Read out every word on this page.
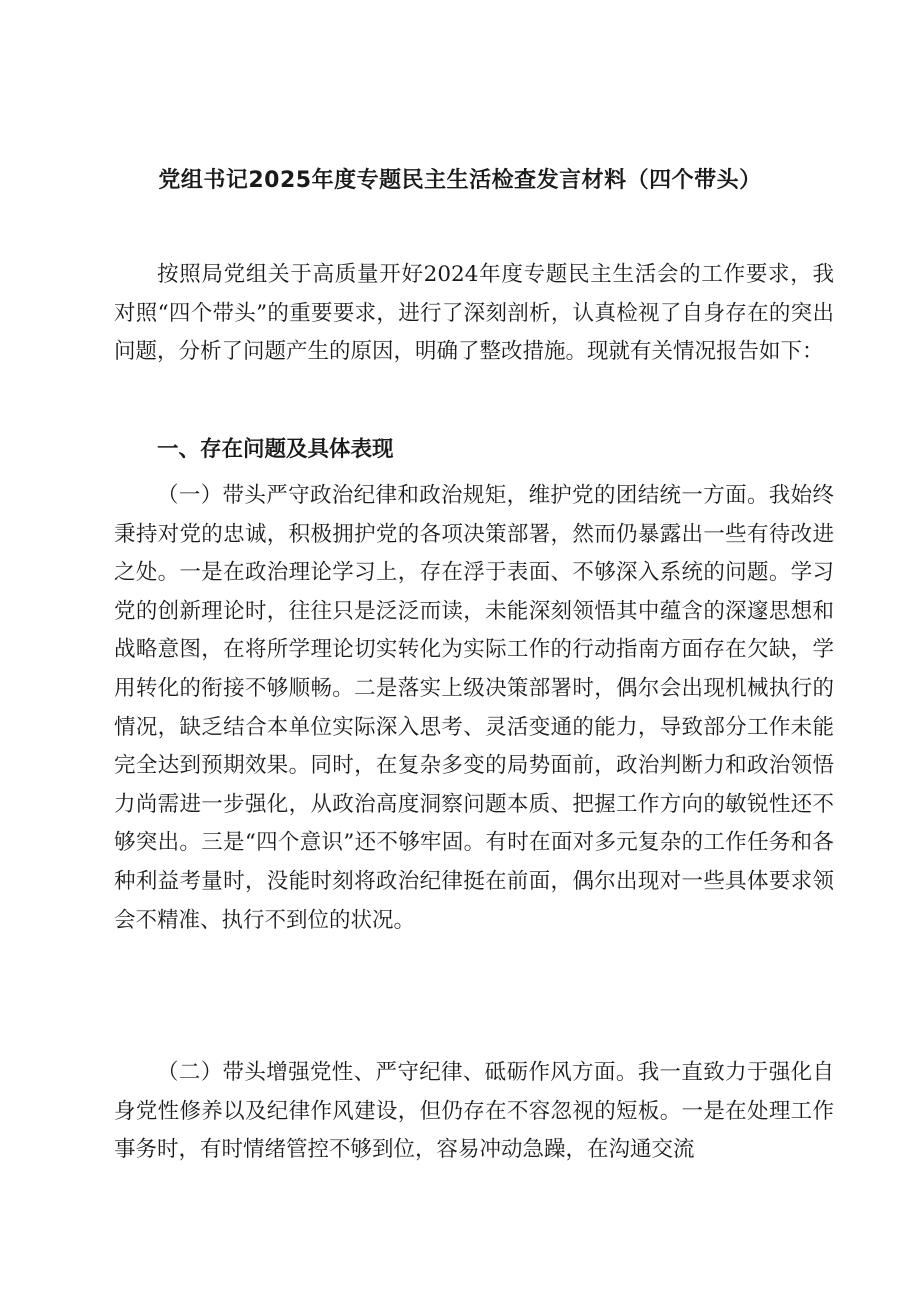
党组书记2025年度专题民主生活检查发言材料（四个带头）

按照局党组关于高质量开好2024年度专题民主生活会的工作要求，我对照“四个带头”的重要要求，进行了深刻剖析，认真检视了自身存在的突出问题，分析了问题产生的原因，明确了整改措施。现就有关情况报告如下：

一、存在问题及具体表现

（一）带头严守政治纪律和政治规矩，维护党的团结统一方面。我始终秉持对党的忠诚，积极拥护党的各项决策部署，然而仍暴露出一些有待改进之处。一是在政治理论学习上，存在浮于表面、不够深入系统的问题。学习党的创新理论时，往往只是泛泛而读，未能深刻领悟其中蕴含的深邃思想和战略意图，在将所学理论切实转化为实际工作的行动指南方面存在欠缺，学用转化的衔接不够顺畅。二是落实上级决策部署时，偶尔会出现机械执行的情况，缺乏结合本单位实际深入思考、灵活变通的能力，导致部分工作未能完全达到预期效果。同时，在复杂多变的局势面前，政治判断力和政治领悟力尚需进一步强化，从政治高度洞察问题本质、把握工作方向的敏锐性还不够突出。三是“四个意识”还不够牢固。有时在面对多元复杂的工作任务和各种利益考量时，没能时刻将政治纪律挺在前面，偶尔出现对一些具体要求领会不精准、执行不到位的状况。

（二）带头增强党性、严守纪律、砥砺作风方面。我一直致力于强化自身党性修养以及纪律作风建设，但仍存在不容忽视的短板。一是在处理工作事务时，有时情绪管控不够到位，容易冲动急躁，在沟通交流
